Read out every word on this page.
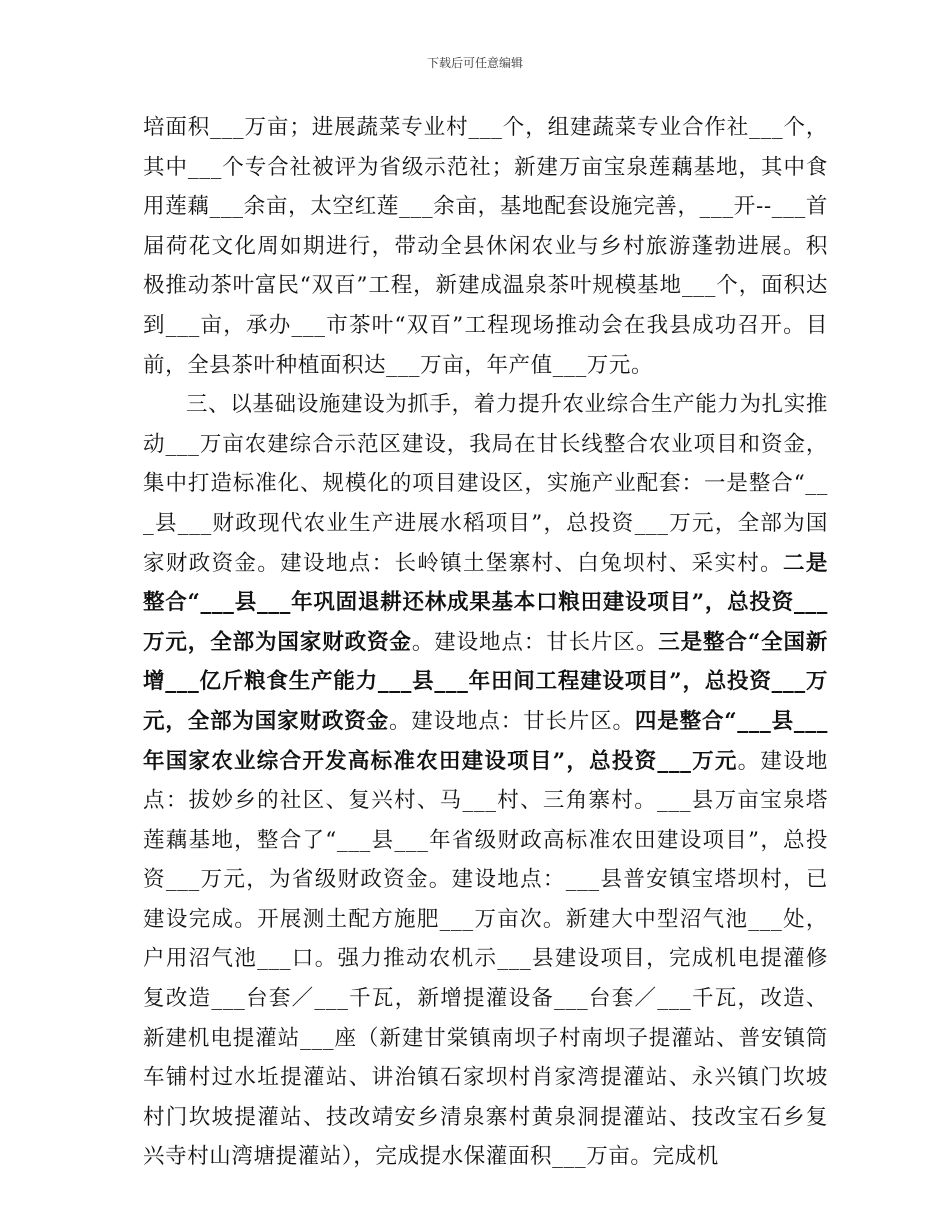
下载后可任意编辑

培面积___万亩；进展蔬菜专业村___个，组建蔬菜专业合作社___个，其中___个专合社被评为省级示范社；新建万亩宝泉莲藕基地，其中食用莲藕___余亩，太空红莲___余亩，基地配套设施完善，___开--___首届荷花文化周如期进行，带动全县休闲农业与乡村旅游蓬勃进展。积极推动茶叶富民“双百”工程，新建成温泉茶叶规模基地___个，面积达到___亩，承办___市茶叶“双百”工程现场推动会在我县成功召开。目前，全县茶叶种植面积达___万亩，年产值___万元。

三、以基础设施建设为抓手，着力提升农业综合生产能力为扎实推动___万亩农建综合示范区建设，我局在甘长线整合农业项目和资金，集中打造标准化、规模化的项目建设区，实施产业配套：一是整合“___县___财政现代农业生产进展水稻项目”，总投资___万元，全部为国家财政资金。建设地点：长岭镇土堡寨村、白兔坝村、采实村。二是整合“___县___年巩固退耕还林成果基本口粮田建设项目”，总投资___万元，全部为国家财政资金。建设地点：甘长片区。三是整合“全国新增___亿斤粮食生产能力___县___年田间工程建设项目”，总投资___万元，全部为国家财政资金。建设地点：甘长片区。四是整合“___县___年国家农业综合开发高标准农田建设项目”，总投资___万元。建设地点：拔妙乡的社区、复兴村、马___村、三角寨村。___县万亩宝泉塔莲藕基地，整合了“___县___年省级财政高标准农田建设项目”，总投资___万元，为省级财政资金。建设地点：___县普安镇宝塔坝村，已建设完成。开展测土配方施肥___万亩次。新建大中型沼气池___处，户用沼气池___口。强力推动农机示___县建设项目，完成机电提灌修复改造___台套／___千瓦，新增提灌设备___台套／___千瓦，改造、新建机电提灌站___座（新建甘棠镇南坝子村南坝子提灌站、普安镇筒车铺村过水坵提灌站、讲治镇石家坝村肖家湾提灌站、永兴镇门坎坡村门坎坡提灌站、技改靖安乡清泉寨村黄泉洞提灌站、技改宝石乡复兴寺村山湾塘提灌站），完成提水保灌面积___万亩。完成机
